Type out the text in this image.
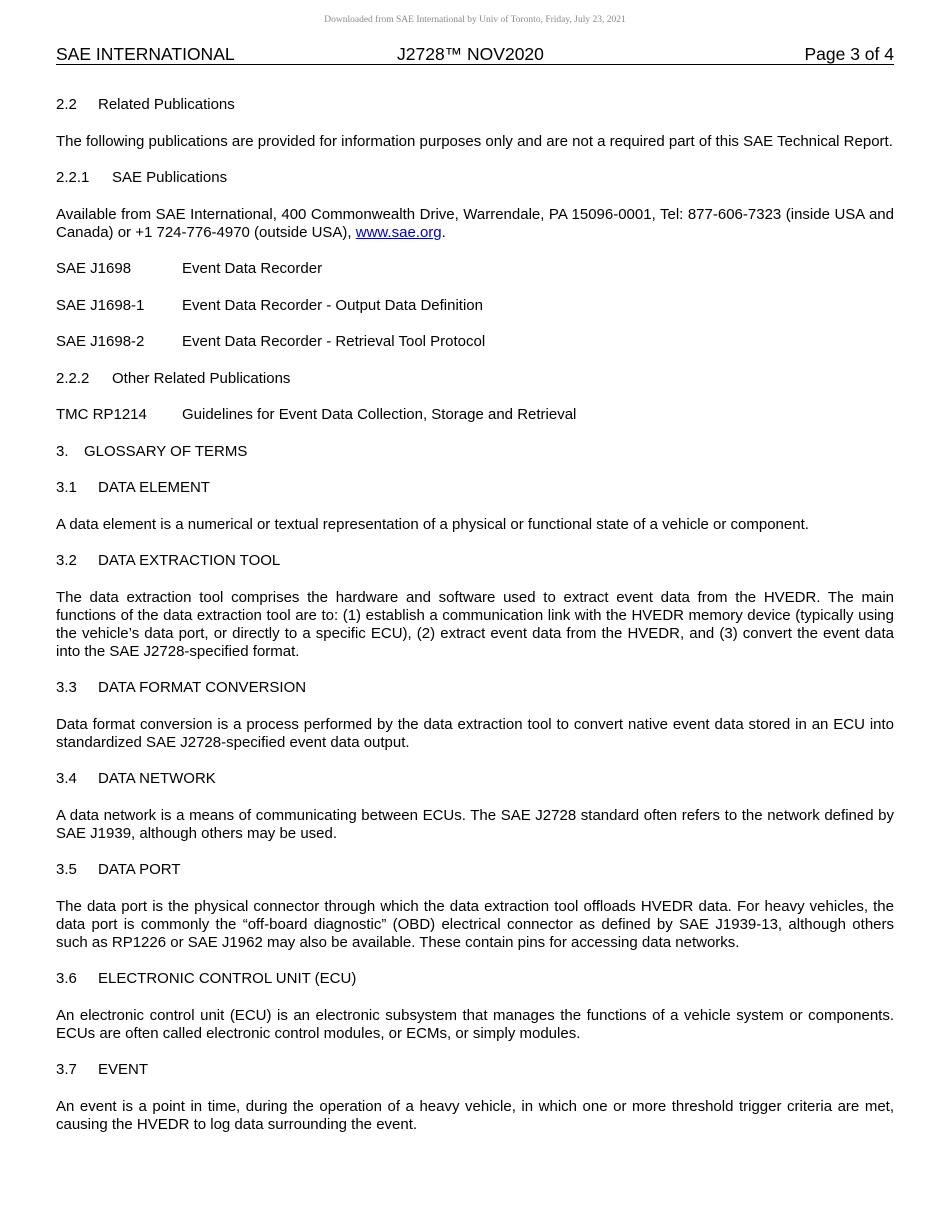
Downloaded from SAE International by Univ of Toronto, Friday, July 23, 2021
SAE INTERNATIONAL	J2728™ NOV2020	Page 3 of 4
2.2 Related Publications
The following publications are provided for information purposes only and are not a required part of this SAE Technical Report.
2.2.1 SAE Publications
Available from SAE International, 400 Commonwealth Drive, Warrendale, PA 15096-0001, Tel: 877-606-7323 (inside USA and Canada) or +1 724-776-4970 (outside USA), www.sae.org.
SAE J1698	Event Data Recorder
SAE J1698-1	Event Data Recorder - Output Data Definition
SAE J1698-2	Event Data Recorder - Retrieval Tool Protocol
2.2.2 Other Related Publications
TMC RP1214 Guidelines for Event Data Collection, Storage and Retrieval
3. GLOSSARY OF TERMS
3.1 DATA ELEMENT
A data element is a numerical or textual representation of a physical or functional state of a vehicle or component.
3.2 DATA EXTRACTION TOOL
The data extraction tool comprises the hardware and software used to extract event data from the HVEDR. The main functions of the data extraction tool are to: (1) establish a communication link with the HVEDR memory device (typically using the vehicle’s data port, or directly to a specific ECU), (2) extract event data from the HVEDR, and (3) convert the event data into the SAE J2728-specified format.
3.3 DATA FORMAT CONVERSION
Data format conversion is a process performed by the data extraction tool to convert native event data stored in an ECU into standardized SAE J2728-specified event data output.
3.4 DATA NETWORK
A data network is a means of communicating between ECUs. The SAE J2728 standard often refers to the network defined by SAE J1939, although others may be used.
3.5 DATA PORT
The data port is the physical connector through which the data extraction tool offloads HVEDR data. For heavy vehicles, the data port is commonly the “off-board diagnostic” (OBD) electrical connector as defined by SAE J1939-13, although others such as RP1226 or SAE J1962 may also be available. These contain pins for accessing data networks.
3.6 ELECTRONIC CONTROL UNIT (ECU)
An electronic control unit (ECU) is an electronic subsystem that manages the functions of a vehicle system or components. ECUs are often called electronic control modules, or ECMs, or simply modules.
3.7 EVENT
An event is a point in time, during the operation of a heavy vehicle, in which one or more threshold trigger criteria are met, causing the HVEDR to log data surrounding the event.
